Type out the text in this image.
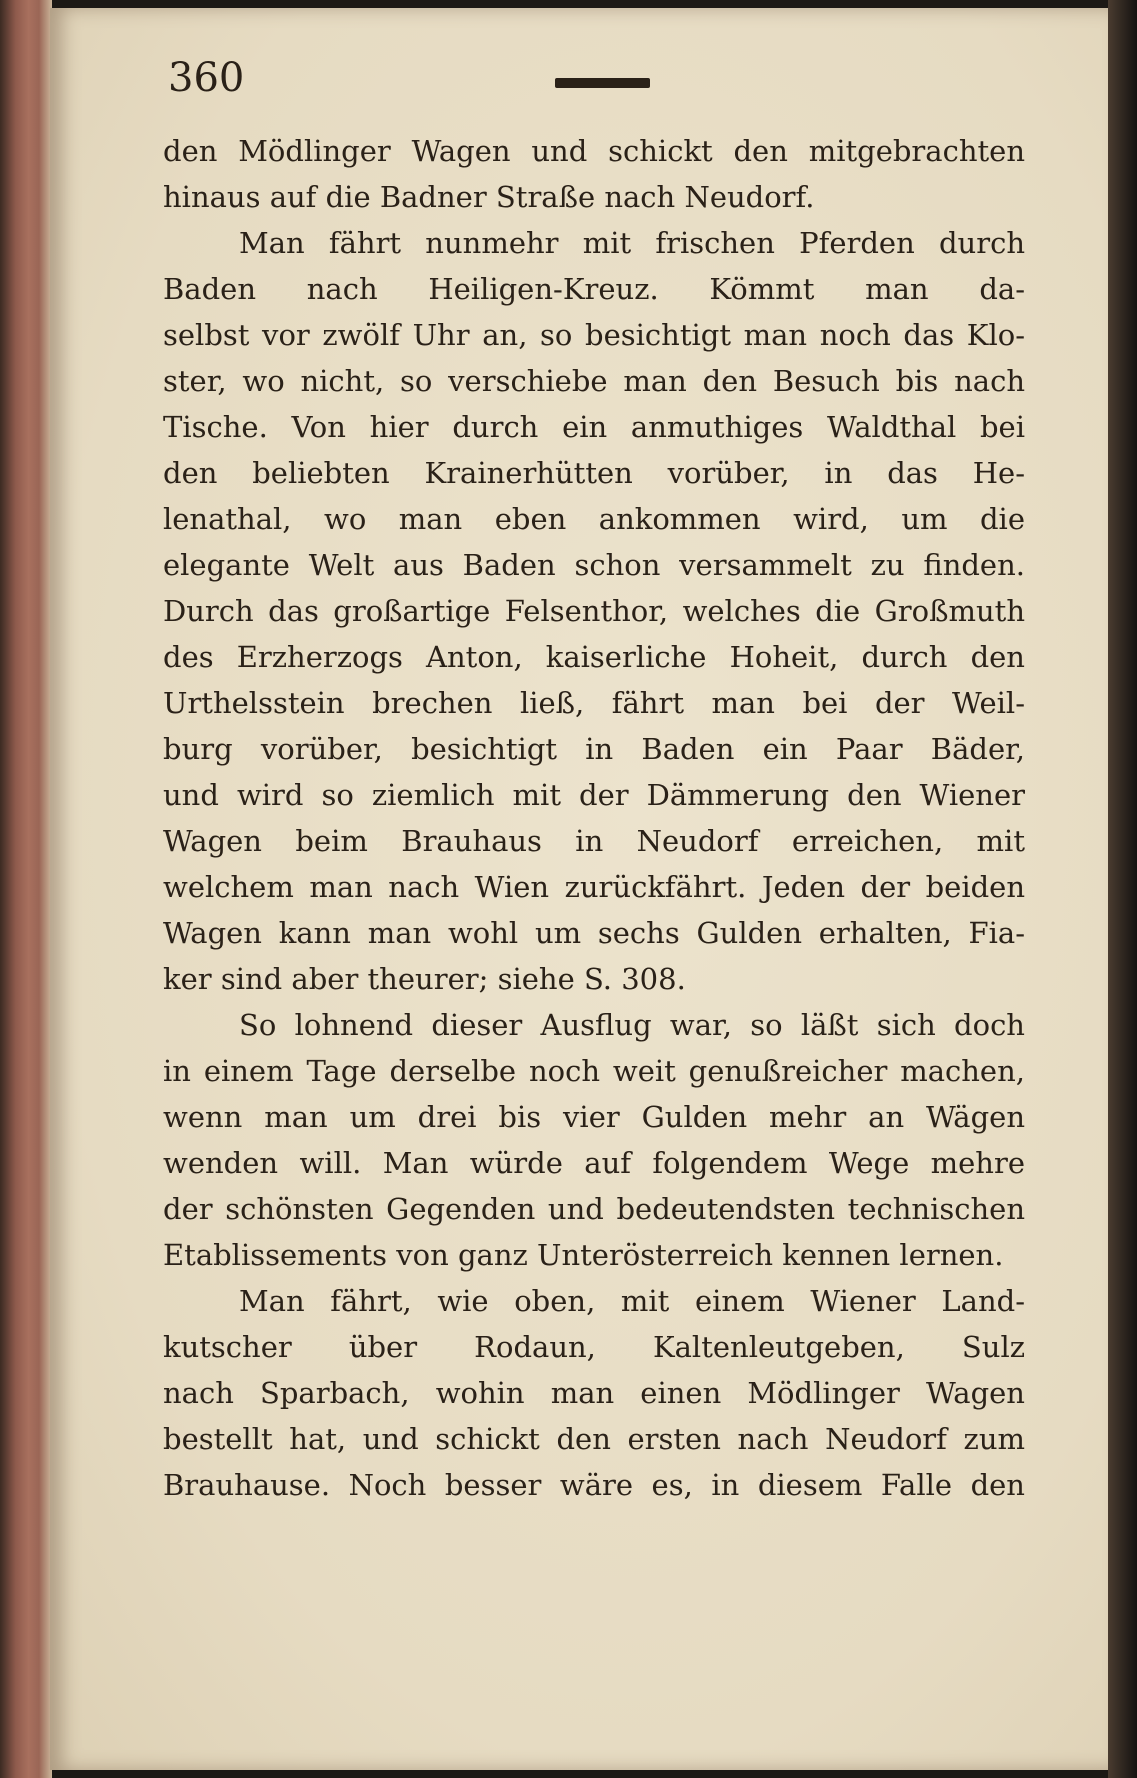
360
den Mödlinger Wagen und schickt den mitgebrachten
hinaus auf die Badner Straße nach Neudorf.
Man fährt nunmehr mit frischen Pferden durch
Baden nach Heiligen-Kreuz. Kömmt man da-
selbst vor zwölf Uhr an, so besichtigt man noch das Klo-
ster, wo nicht, so verschiebe man den Besuch bis nach
Tische. Von hier durch ein anmuthiges Waldthal bei
den beliebten Krainerhütten vorüber, in das He-
lenathal, wo man eben ankommen wird, um die
elegante Welt aus Baden schon versammelt zu finden.
Durch das großartige Felsenthor, welches die Großmuth
des Erzherzogs Anton, kaiserliche Hoheit, durch den
Urthelsstein brechen ließ, fährt man bei der Weil-
burg vorüber, besichtigt in Baden ein Paar Bäder,
und wird so ziemlich mit der Dämmerung den Wiener
Wagen beim Brauhaus in Neudorf erreichen, mit
welchem man nach Wien zurückfährt. Jeden der beiden
Wagen kann man wohl um sechs Gulden erhalten, Fia-
ker sind aber theurer; siehe S. 308.
So lohnend dieser Ausflug war, so läßt sich doch
in einem Tage derselbe noch weit genußreicher machen,
wenn man um drei bis vier Gulden mehr an Wägen
wenden will. Man würde auf folgendem Wege mehre
der schönsten Gegenden und bedeutendsten technischen
Etablissements von ganz Unterösterreich kennen lernen.
Man fährt, wie oben, mit einem Wiener Land-
kutscher über Rodaun, Kaltenleutgeben, Sulz
nach Sparbach, wohin man einen Mödlinger Wagen
bestellt hat, und schickt den ersten nach Neudorf zum
Brauhause. Noch besser wäre es, in diesem Falle den
